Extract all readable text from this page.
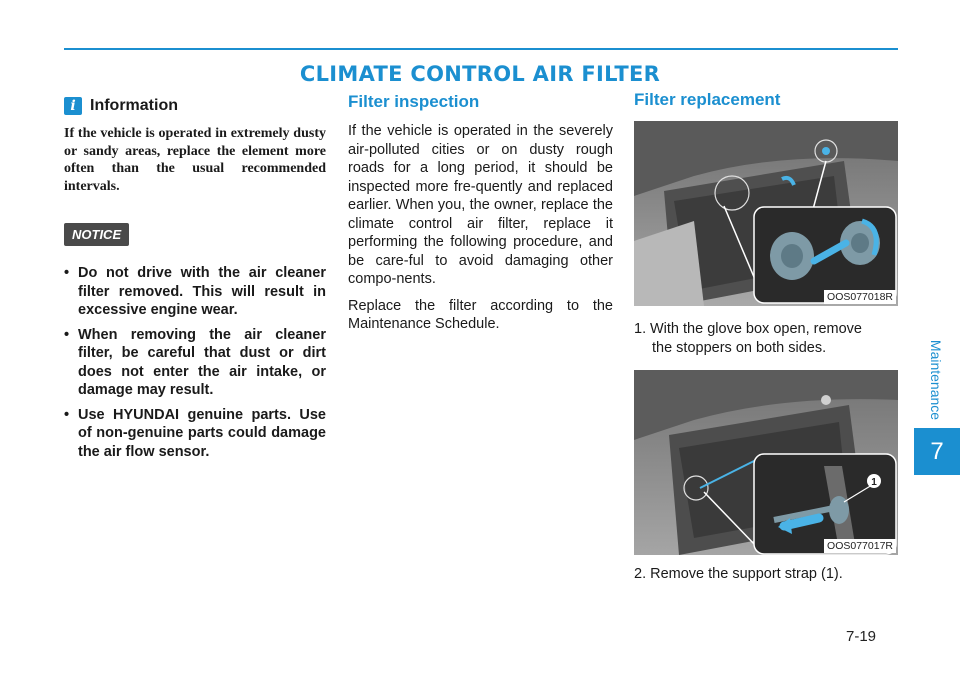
CLIMATE CONTROL AIR FILTER
i Information
If the vehicle is operated in extremely dusty or sandy areas, replace the element more often than the usual recommended intervals.
NOTICE
• Do not drive with the air cleaner filter removed. This will result in excessive engine wear.
• When removing the air cleaner filter, be careful that dust or dirt does not enter the air intake, or damage may result.
• Use HYUNDAI genuine parts. Use of non-genuine parts could damage the air flow sensor.
Filter inspection

If the vehicle is operated in the severely air-polluted cities or on dusty rough roads for a long period, it should be inspected more fre-quently and replaced earlier. When you, the owner, replace the climate control air filter, replace it performing the following procedure, and be care-ful to avoid damaging other compo-nents.

Replace the filter according to the Maintenance Schedule.

Filter replacement
OOS077018R
1. With the glove box open, remove
the stoppers on both sides.
1
OOS077017R
2. Remove the support strap (1).
Maintenance
7
7-19
